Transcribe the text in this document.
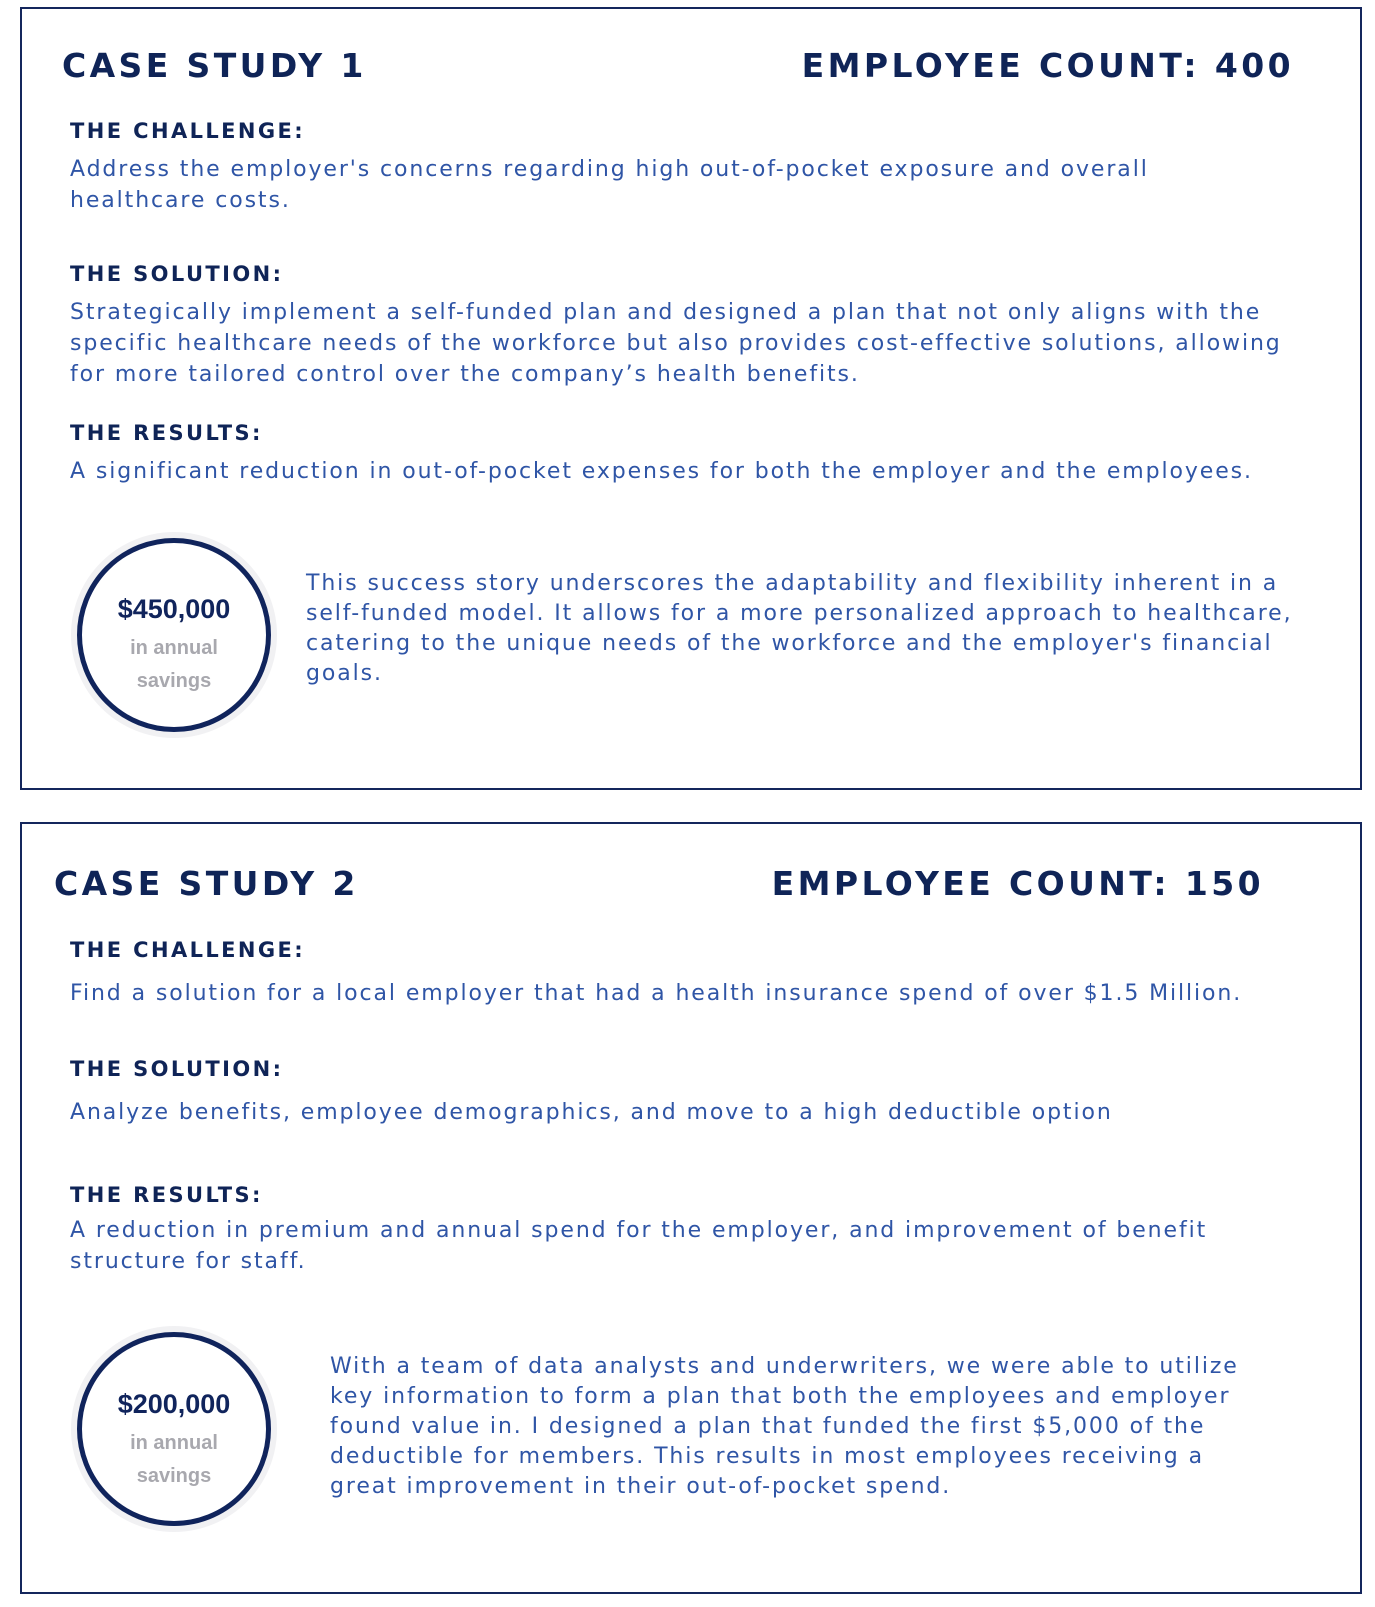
CASE STUDY 1	EMPLOYEE COUNT: 400
THE CHALLENGE:
Address the employer's concerns regarding high out-of-pocket exposure and overall healthcare costs.
THE SOLUTION:
Strategically implement a self-funded plan and designed a plan that not only aligns with the specific healthcare needs of the workforce but also provides cost-effective solutions, allowing for more tailored control over the company’s health benefits.
THE RESULTS:
A significant reduction in out-of-pocket expenses for both the employer and the employees.
$450,000
in annual
savings
This success story underscores the adaptability and flexibility inherent in a self-funded model. It allows for a more personalized approach to healthcare, catering to the unique needs of the workforce and the employer's financial goals.
CASE STUDY 2	EMPLOYEE COUNT: 150
THE CHALLENGE:
Find a solution for a local employer that had a health insurance spend of over $1.5 Million.
THE SOLUTION:
Analyze benefits, employee demographics, and move to a high deductible option
THE RESULTS:
A reduction in premium and annual spend for the employer, and improvement of benefit structure for staff.
$200,000
in annual
savings
With a team of data analysts and underwriters, we were able to utilize key information to form a plan that both the employees and employer found value in. I designed a plan that funded the first $5,000 of the deductible for members. This results in most employees receiving a great improvement in their out-of-pocket spend.
